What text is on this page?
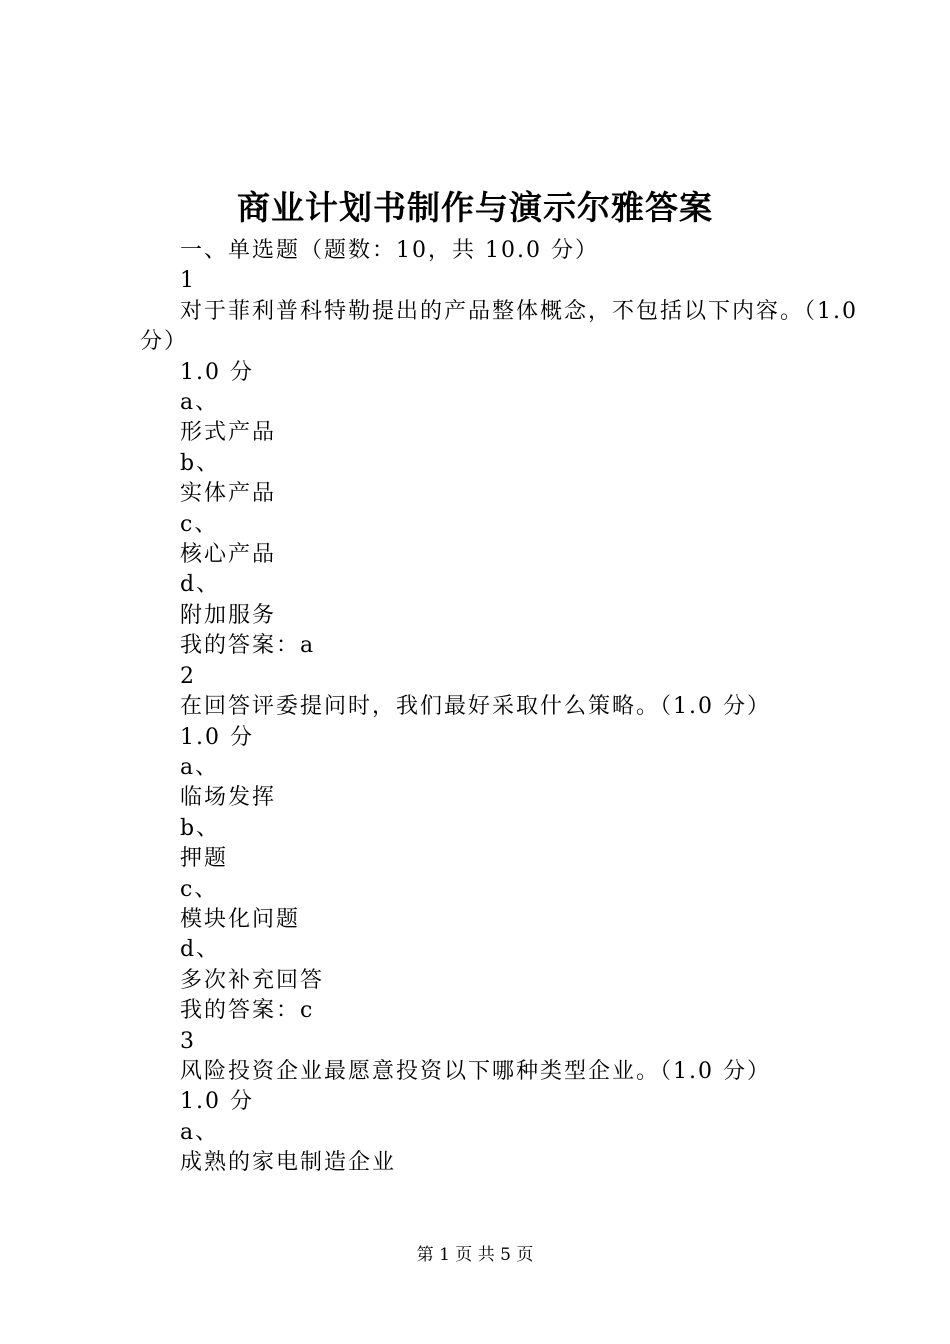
商业计划书制作与演示尔雅答案
一、单选题（题数：10，共 10.0 分）
1
对于菲利普科特勒提出的产品整体概念，不包括以下内容。（1.0 分）
1.0 分
a、
形式产品
b、
实体产品
c、
核心产品
d、
附加服务
我的答案：a
2
在回答评委提问时，我们最好采取什么策略。（1.0 分）
1.0 分
a、
临场发挥
b、
押题
c、
模块化问题
d、
多次补充回答
我的答案：c
3
风险投资企业最愿意投资以下哪种类型企业。（1.0 分）
1.0 分
a、
成熟的家电制造企业
第 1 页 共 5 页
